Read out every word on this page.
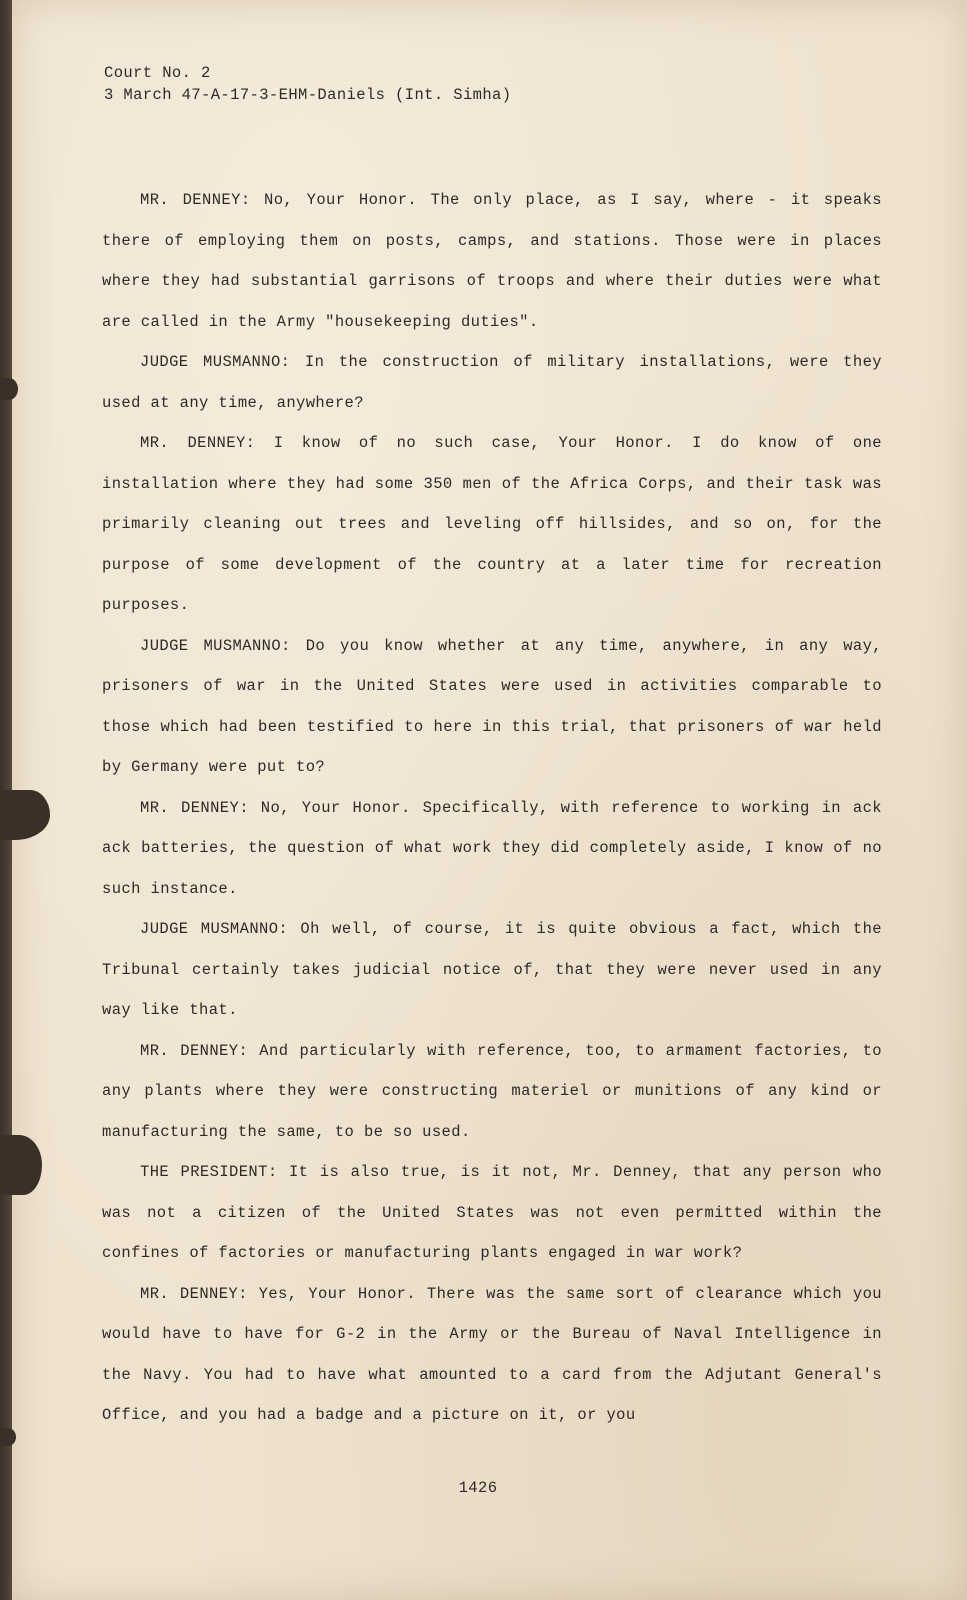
Court No. 2
3 March 47-A-17-3-EHM-Daniels (Int. Simha)

MR. DENNEY: No, Your Honor. The only place, as I say, where - it speaks there of employing them on posts, camps, and stations. Those were in places where they had substantial garrisons of troops and where their duties were what are called in the Army "housekeeping duties".

JUDGE MUSMANNO: In the construction of military installations, were they used at any time, anywhere?

MR. DENNEY: I know of no such case, Your Honor. I do know of one installation where they had some 350 men of the Africa Corps, and their task was primarily cleaning out trees and leveling off hillsides, and so on, for the purpose of some development of the country at a later time for recreation purposes.

JUDGE MUSMANNO: Do you know whether at any time, anywhere, in any way, prisoners of war in the United States were used in activities comparable to those which had been testified to here in this trial, that prisoners of war held by Germany were put to?

MR. DENNEY: No, Your Honor. Specifically, with reference to working in ack ack batteries, the question of what work they did completely aside, I know of no such instance.

JUDGE MUSMANNO: Oh well, of course, it is quite obvious a fact, which the Tribunal certainly takes judicial notice of, that they were never used in any way like that.

MR. DENNEY: And particularly with reference, too, to armament factories, to any plants where they were constructing materiel or munitions of any kind or manufacturing the same, to be so used.

THE PRESIDENT: It is also true, is it not, Mr. Denney, that any person who was not a citizen of the United States was not even permitted within the confines of factories or manufacturing plants engaged in war work?

MR. DENNEY: Yes, Your Honor. There was the same sort of clearance which you would have to have for G-2 in the Army or the Bureau of Naval Intelligence in the Navy. You had to have what amounted to a card from the Adjutant General's Office, and you had a badge and a picture on it, or you

1426
